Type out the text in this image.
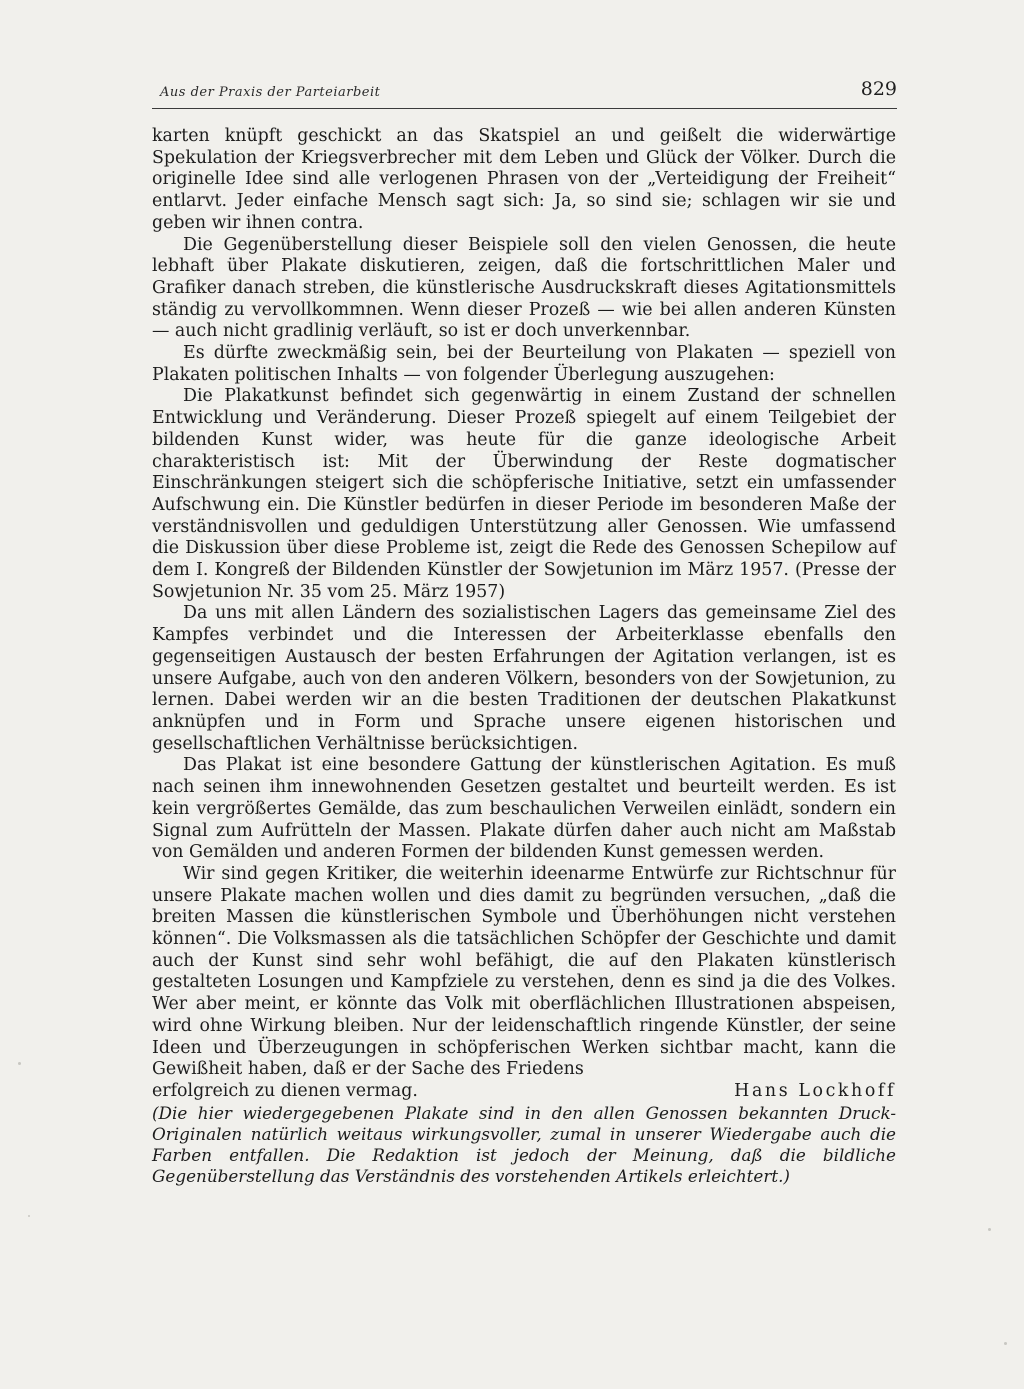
Aus der Praxis der Parteiarbeit	829

karten knüpft geschickt an das Skatspiel an und geißelt die widerwärtige Spekulation der Kriegsverbrecher mit dem Leben und Glück der Völker. Durch die originelle Idee sind alle verlogenen Phrasen von der „Verteidigung der Freiheit“ entlarvt. Jeder einfache Mensch sagt sich: Ja, so sind sie; schlagen wir sie und geben wir ihnen contra.

Die Gegenüberstellung dieser Beispiele soll den vielen Genossen, die heute lebhaft über Plakate diskutieren, zeigen, daß die fortschrittlichen Maler und Grafiker danach streben, die künstlerische Ausdruckskraft dieses Agitationsmittels ständig zu vervollkommnen. Wenn dieser Prozeß — wie bei allen anderen Künsten — auch nicht gradlinig verläuft, so ist er doch unverkennbar.

Es dürfte zweckmäßig sein, bei der Beurteilung von Plakaten — speziell von Plakaten politischen Inhalts — von folgender Überlegung auszugehen:

Die Plakatkunst befindet sich gegenwärtig in einem Zustand der schnellen Entwicklung und Veränderung. Dieser Prozeß spiegelt auf einem Teilgebiet der bildenden Kunst wider, was heute für die ganze ideologische Arbeit charakteristisch ist: Mit der Überwindung der Reste dogmatischer Einschränkungen steigert sich die schöpferische Initiative, setzt ein umfassender Aufschwung ein. Die Künstler bedürfen in dieser Periode im besonderen Maße der verständnisvollen und geduldigen Unterstützung aller Genossen. Wie umfassend die Diskussion über diese Probleme ist, zeigt die Rede des Genossen Schepilow auf dem I. Kongreß der Bildenden Künstler der Sowjetunion im März 1957. (Presse der Sowjetunion Nr. 35 vom 25. März 1957)

Da uns mit allen Ländern des sozialistischen Lagers das gemeinsame Ziel des Kampfes verbindet und die Interessen der Arbeiterklasse ebenfalls den gegenseitigen Austausch der besten Erfahrungen der Agitation verlangen, ist es unsere Aufgabe, auch von den anderen Völkern, besonders von der Sowjetunion, zu lernen. Dabei werden wir an die besten Traditionen der deutschen Plakatkunst anknüpfen und in Form und Sprache unsere eigenen historischen und gesellschaftlichen Verhältnisse berücksichtigen.

Das Plakat ist eine besondere Gattung der künstlerischen Agitation. Es muß nach seinen ihm innewohnenden Gesetzen gestaltet und beurteilt werden. Es ist kein vergrößertes Gemälde, das zum beschaulichen Verweilen einlädt, sondern ein Signal zum Aufrütteln der Massen. Plakate dürfen daher auch nicht am Maßstab von Gemälden und anderen Formen der bildenden Kunst gemessen werden.

Wir sind gegen Kritiker, die weiterhin ideenarme Entwürfe zur Richtschnur für unsere Plakate machen wollen und dies damit zu begründen versuchen, „daß die breiten Massen die künstlerischen Symbole und Überhöhungen nicht verstehen können“. Die Volksmassen als die tatsächlichen Schöpfer der Geschichte und damit auch der Kunst sind sehr wohl befähigt, die auf den Plakaten künstlerisch gestalteten Losungen und Kampfziele zu verstehen, denn es sind ja die des Volkes. Wer aber meint, er könnte das Volk mit oberflächlichen Illustrationen abspeisen, wird ohne Wirkung bleiben. Nur der leidenschaftlich ringende Künstler, der seine Ideen und Überzeugungen in schöpferischen Werken sichtbar macht, kann die Gewißheit haben, daß er der Sache des Friedens

erfolgreich zu dienen vermag.	Hans Lockhoff

(Die hier wiedergegebenen Plakate sind in den allen Genossen bekannten Druck-Originalen natürlich weitaus wirkungsvoller, zumal in unserer Wiedergabe auch die Farben entfallen. Die Redaktion ist jedoch der Meinung, daß die bildliche Gegenüberstellung das Verständnis des vorstehenden Artikels erleichtert.)
